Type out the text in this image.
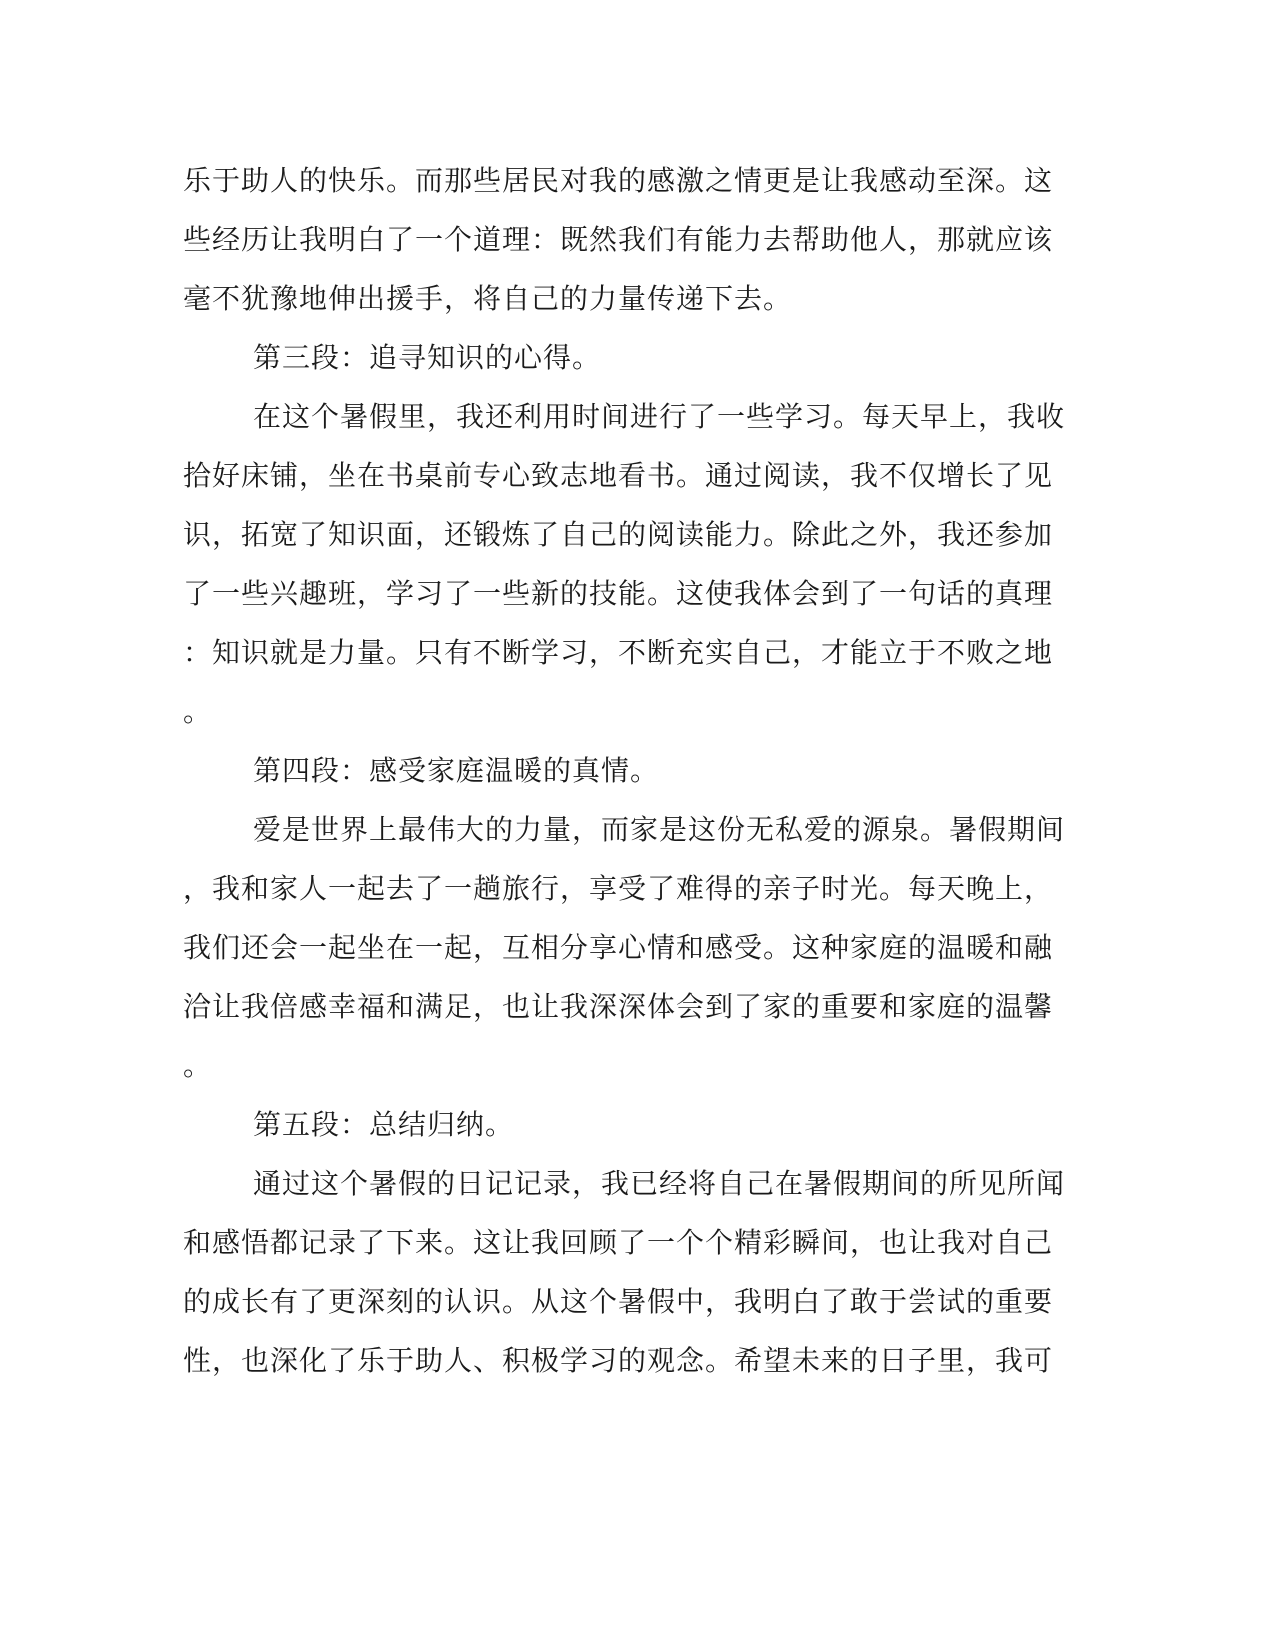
乐于助人的快乐。而那些居民对我的感激之情更是让我感动至深。这
些经历让我明白了一个道理：既然我们有能力去帮助他人，那就应该
毫不犹豫地伸出援手，将自己的力量传递下去。
第三段：追寻知识的心得。
在这个暑假里，我还利用时间进行了一些学习。每天早上，我收
拾好床铺，坐在书桌前专心致志地看书。通过阅读，我不仅增长了见
识，拓宽了知识面，还锻炼了自己的阅读能力。除此之外，我还参加
了一些兴趣班，学习了一些新的技能。这使我体会到了一句话的真理
：知识就是力量。只有不断学习，不断充实自己，才能立于不败之地
。
第四段：感受家庭温暖的真情。
爱是世界上最伟大的力量，而家是这份无私爱的源泉。暑假期间
，我和家人一起去了一趟旅行，享受了难得的亲子时光。每天晚上，
我们还会一起坐在一起，互相分享心情和感受。这种家庭的温暖和融
洽让我倍感幸福和满足，也让我深深体会到了家的重要和家庭的温馨
。
第五段：总结归纳。
通过这个暑假的日记记录，我已经将自己在暑假期间的所见所闻
和感悟都记录了下来。这让我回顾了一个个精彩瞬间，也让我对自己
的成长有了更深刻的认识。从这个暑假中，我明白了敢于尝试的重要
性，也深化了乐于助人、积极学习的观念。希望未来的日子里，我可
